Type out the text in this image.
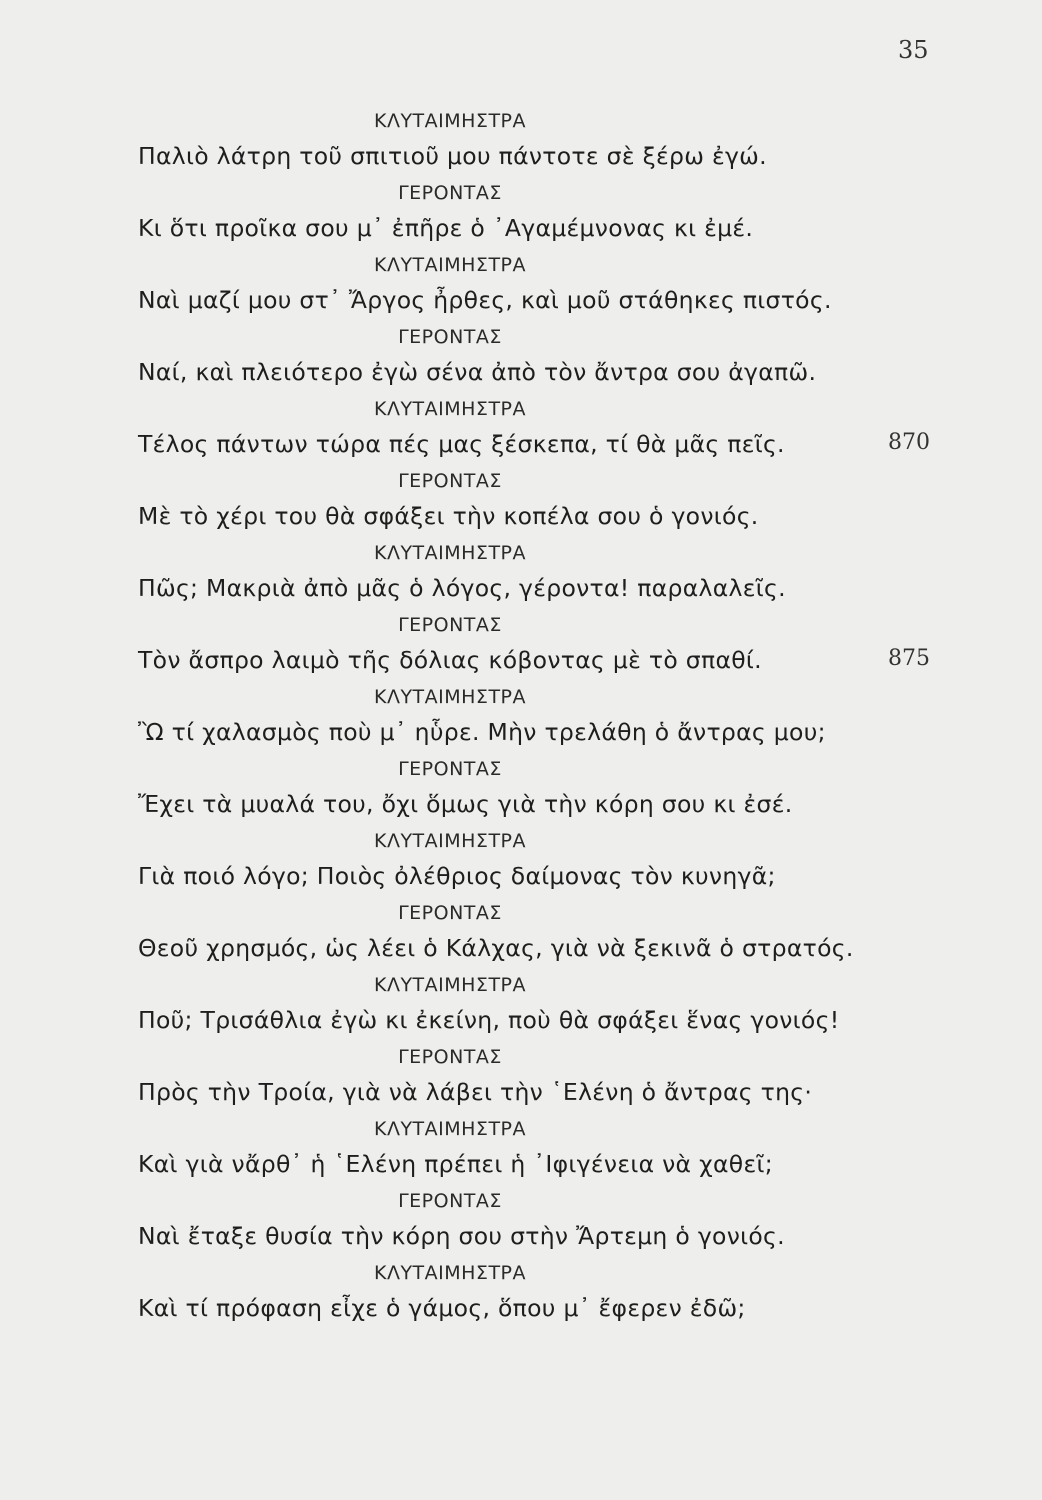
35
ΚΛΥΤΑΙΜΗΣΤΡΑ
Παλιὸ λάτρη τοῦ σπιτιοῦ μου πάντοτε σὲ ξέρω ἐγώ.
ΓΕΡΟΝΤΑΣ
Κι ὅτι προῖκα σου μ᾿ ἐπῆρε ὁ ᾿Αγαμέμνονας κι ἐμέ.
ΚΛΥΤΑΙΜΗΣΤΡΑ
Ναὶ μαζί μου στ᾿ Ἄργος ἦρθες, καὶ μοῦ στάθηκες πιστός.
ΓΕΡΟΝΤΑΣ
Ναί, καὶ πλειότερο ἐγὼ σένα ἀπὸ τὸν ἄντρα σου ἀγαπῶ.
ΚΛΥΤΑΙΜΗΣΤΡΑ
Τέλος πάντων τώρα πές μας ξέσκεπα, τί θὰ μᾶς πεῖς.	870
ΓΕΡΟΝΤΑΣ
Μὲ τὸ χέρι του θὰ σφάξει τὴν κοπέλα σου ὁ γονιός.
ΚΛΥΤΑΙΜΗΣΤΡΑ
Πῶς; Μακριὰ ἀπὸ μᾶς ὁ λόγος, γέροντα! παραλαλεῖς.
ΓΕΡΟΝΤΑΣ
Τὸν ἄσπρο λαιμὸ τῆς δόλιας κόβοντας μὲ τὸ σπαθί.	875
ΚΛΥΤΑΙΜΗΣΤΡΑ
Ὢ τί χαλασμὸς ποὺ μ᾿ ηὗρε. Μὴν τρελάθη ὁ ἄντρας μου;
ΓΕΡΟΝΤΑΣ
Ἔχει τὰ μυαλά του, ὄχι ὅμως γιὰ τὴν κόρη σου κι ἐσέ.
ΚΛΥΤΑΙΜΗΣΤΡΑ
Γιὰ ποιό λόγο; Ποιὸς ὀλέθριος δαίμονας τὸν κυνηγᾶ;
ΓΕΡΟΝΤΑΣ
Θεοῦ χρησμός, ὡς λέει ὁ Κάλχας, γιὰ νὰ ξεκινᾶ ὁ στρατός.
ΚΛΥΤΑΙΜΗΣΤΡΑ
Ποῦ; Τρισάθλια ἐγὼ κι ἐκείνη, ποὺ θὰ σφάξει ἕνας γονιός!
ΓΕΡΟΝΤΑΣ
Πρὸς τὴν Τροία, γιὰ νὰ λάβει τὴν ῾Ελένη ὁ ἄντρας της·
ΚΛΥΤΑΙΜΗΣΤΡΑ
Καὶ γιὰ νἄρθ᾿ ἡ ῾Ελένη πρέπει ἡ ᾿Ιφιγένεια νὰ χαθεῖ;
ΓΕΡΟΝΤΑΣ
Ναὶ ἔταξε θυσία τὴν κόρη σου στὴν Ἄρτεμη ὁ γονιός.
ΚΛΥΤΑΙΜΗΣΤΡΑ
Καὶ τί πρόφαση εἶχε ὁ γάμος, ὅπου μ᾿ ἔφερεν ἐδῶ;
